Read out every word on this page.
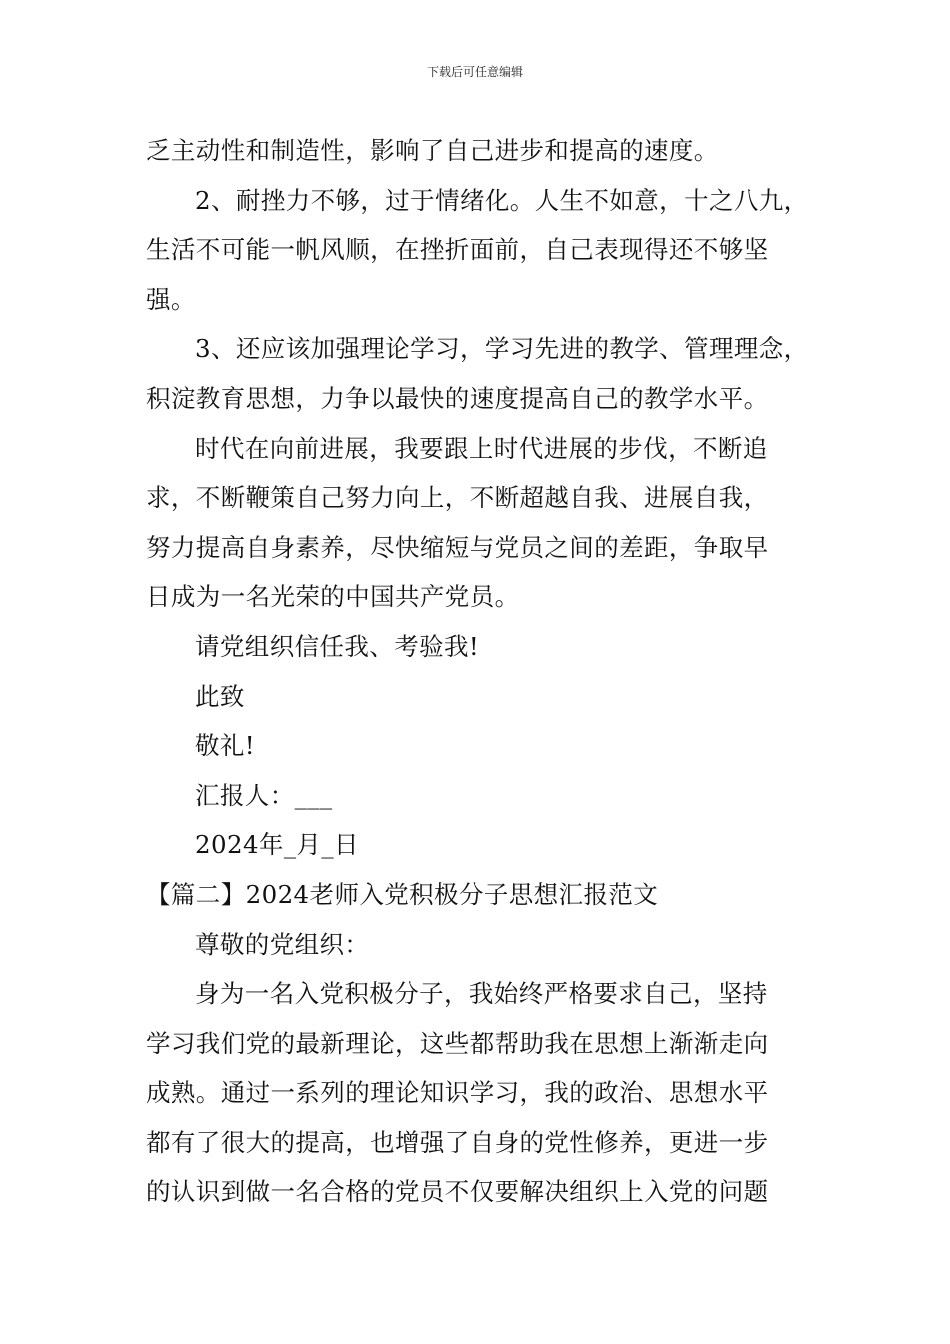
下载后可任意编辑
乏主动性和制造性，影响了自己进步和提高的速度。
2、耐挫力不够，过于情绪化。人生不如意，十之八九，
生活不可能一帆风顺，在挫折面前，自己表现得还不够坚
强。
3、还应该加强理论学习，学习先进的教学、管理理念，
积淀教育思想，力争以最快的速度提高自己的教学水平。
时代在向前进展，我要跟上时代进展的步伐，不断追
求，不断鞭策自己努力向上，不断超越自我、进展自我，
努力提高自身素养，尽快缩短与党员之间的差距，争取早
日成为一名光荣的中国共产党员。
请党组织信任我、考验我!
此致
敬礼!
汇报人：___
2024年_月_日
【篇二】2024老师入党积极分子思想汇报范文
尊敬的党组织：
身为一名入党积极分子，我始终严格要求自己，坚持
学习我们党的最新理论，这些都帮助我在思想上渐渐走向
成熟。通过一系列的理论知识学习，我的政治、思想水平
都有了很大的提高，也增强了自身的党性修养，更进一步
的认识到做一名合格的党员不仅要解决组织上入党的问题
